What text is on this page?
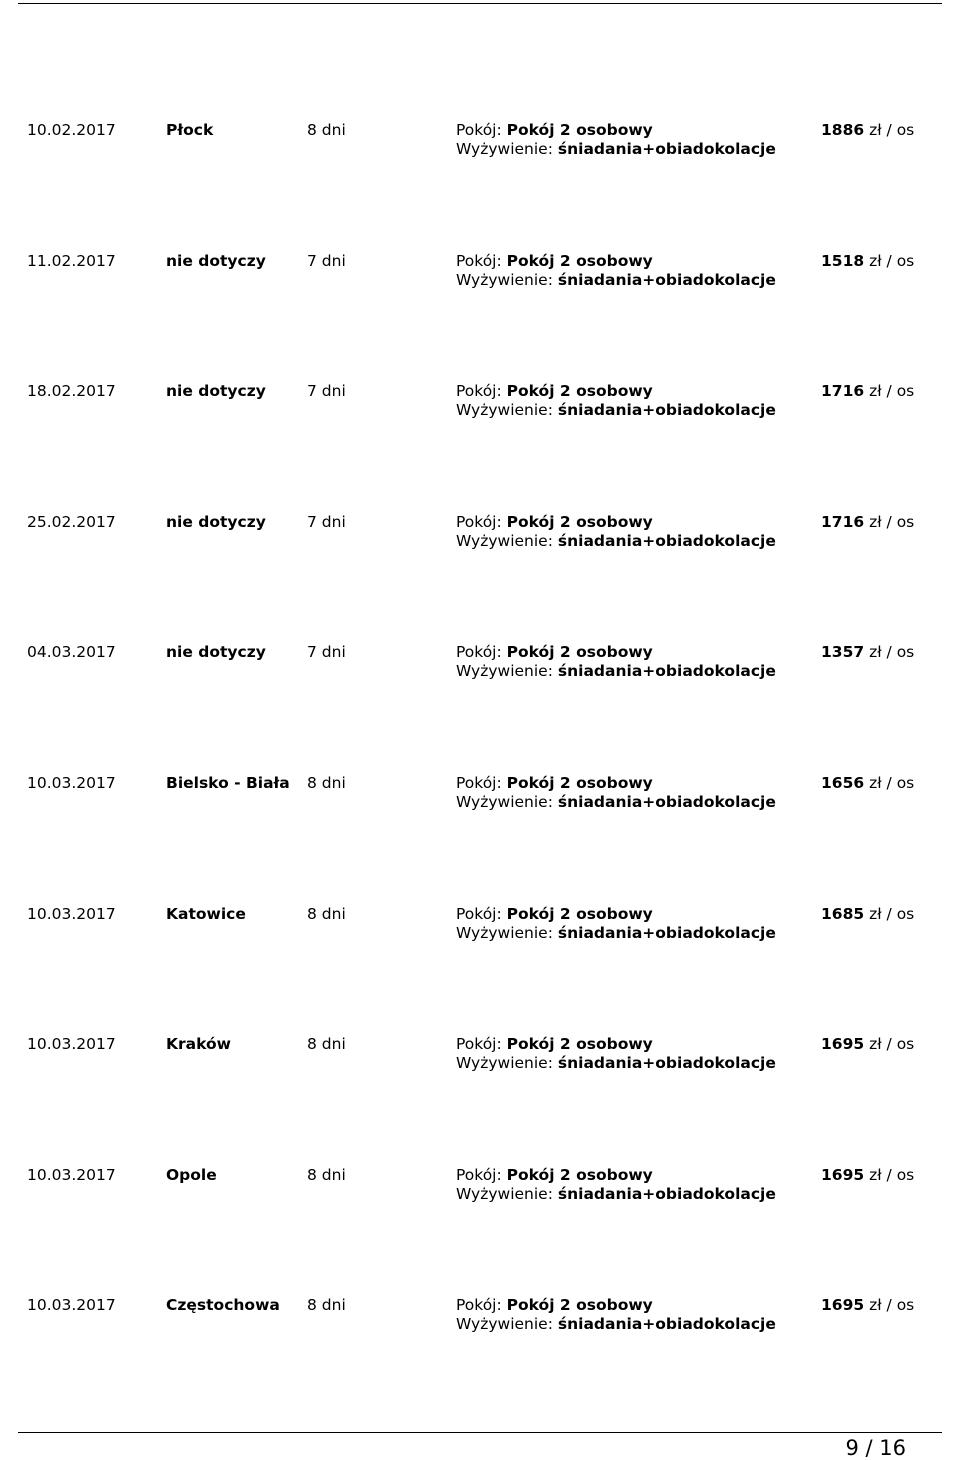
10.02.2017	Płock	8 dni	Pokój: Pokój 2 osobowy
Wyżywienie: śniadania+obiadokolacje
1886 zł / os
11.02.2017	nie dotyczy	7 dni	Pokój: Pokój 2 osobowy
Wyżywienie: śniadania+obiadokolacje
1518 zł / os
18.02.2017	nie dotyczy	7 dni	Pokój: Pokój 2 osobowy
Wyżywienie: śniadania+obiadokolacje
1716 zł / os
25.02.2017	nie dotyczy	7 dni	Pokój: Pokój 2 osobowy
Wyżywienie: śniadania+obiadokolacje
1716 zł / os
04.03.2017	nie dotyczy	7 dni	Pokój: Pokój 2 osobowy
Wyżywienie: śniadania+obiadokolacje
1357 zł / os
10.03.2017	Bielsko - Biała 8 dni	Pokój: Pokój 2 osobowy
Wyżywienie: śniadania+obiadokolacje
1656 zł / os
10.03.2017	Katowice	8 dni	Pokój: Pokój 2 osobowy
Wyżywienie: śniadania+obiadokolacje
1685 zł / os
10.03.2017	Kraków	8 dni	Pokój: Pokój 2 osobowy
Wyżywienie: śniadania+obiadokolacje
1695 zł / os
10.03.2017	Opole	8 dni	Pokój: Pokój 2 osobowy
Wyżywienie: śniadania+obiadokolacje
1695 zł / os
10.03.2017	Częstochowa 8 dni	Pokój: Pokój 2 osobowy
Wyżywienie: śniadania+obiadokolacje
1695 zł / os
9 / 16
